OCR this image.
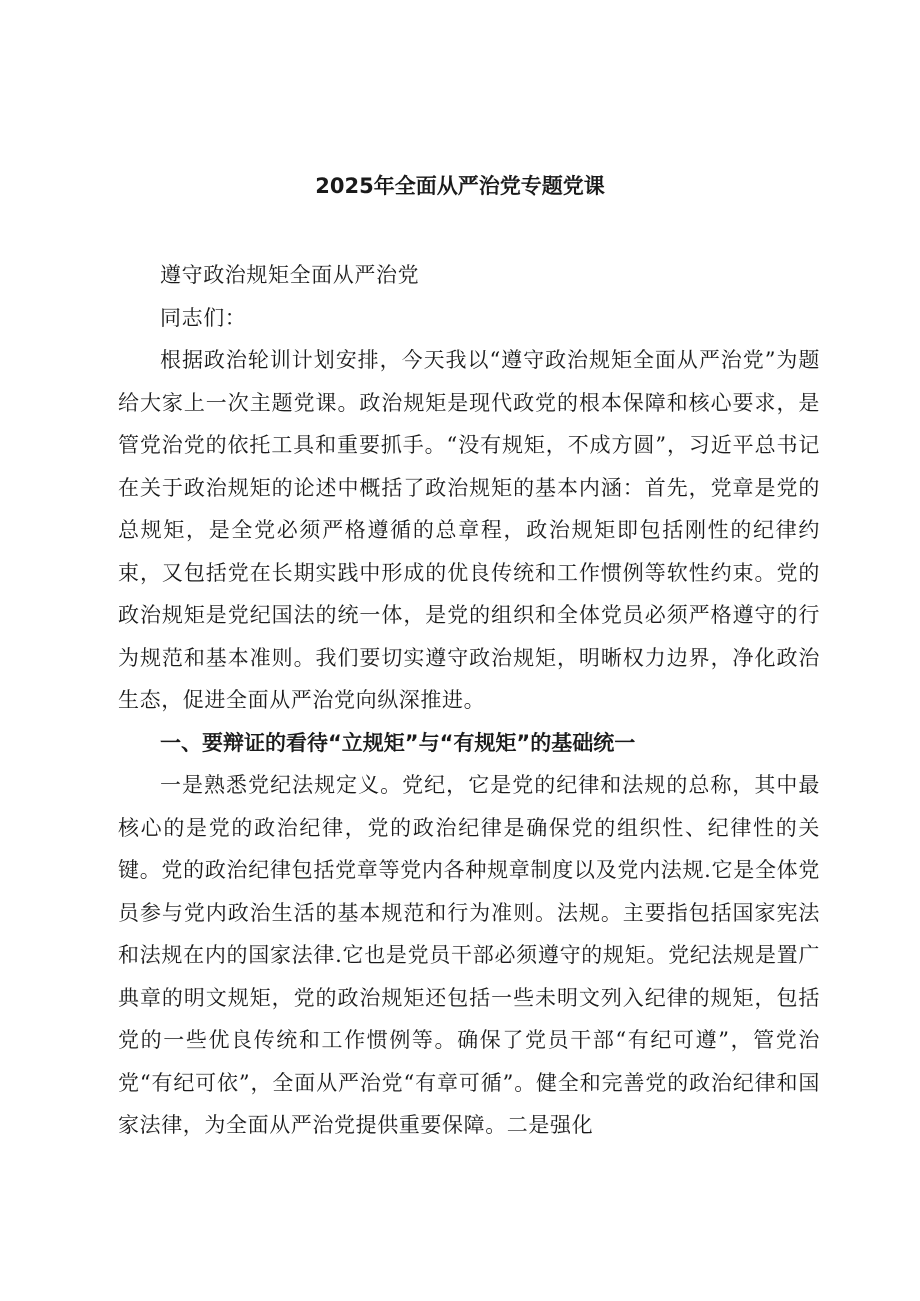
2025年全面从严治党专题党课

遵守政治规矩全面从严治党

同志们：

根据政治轮训计划安排，今天我以“遵守政治规矩全面从严治党”为题给大家上一次主题党课。政治规矩是现代政党的根本保障和核心要求，是管党治党的依托工具和重要抓手。“没有规矩，不成方圆”，习近平总书记在关于政治规矩的论述中概括了政治规矩的基本内涵：首先，党章是党的总规矩，是全党必须严格遵循的总章程，政治规矩即包括刚性的纪律约束，又包括党在长期实践中形成的优良传统和工作惯例等软性约束。党的政治规矩是党纪国法的统一体，是党的组织和全体党员必须严格遵守的行为规范和基本准则。我们要切实遵守政治规矩，明晰权力边界，净化政治生态，促进全面从严治党向纵深推进。

一、要辩证的看待“立规矩”与“有规矩”的基础统一

一是熟悉党纪法规定义。党纪，它是党的纪律和法规的总称，其中最核心的是党的政治纪律，党的政治纪律是确保党的组织性、纪律性的关键。党的政治纪律包括党章等党内各种规章制度以及党内法规.它是全体党员参与党内政治生活的基本规范和行为准则。法规。主要指包括国家宪法和法规在内的国家法律.它也是党员干部必须遵守的规矩。党纪法规是置广典章的明文规矩，党的政治规矩还包括一些未明文列入纪律的规矩，包括党的一些优良传统和工作惯例等。确保了党员干部“有纪可遵”，管党治党“有纪可依”，全面从严治党“有章可循”。健全和完善党的政治纪律和国家法律，为全面从严治党提供重要保障。二是强化
